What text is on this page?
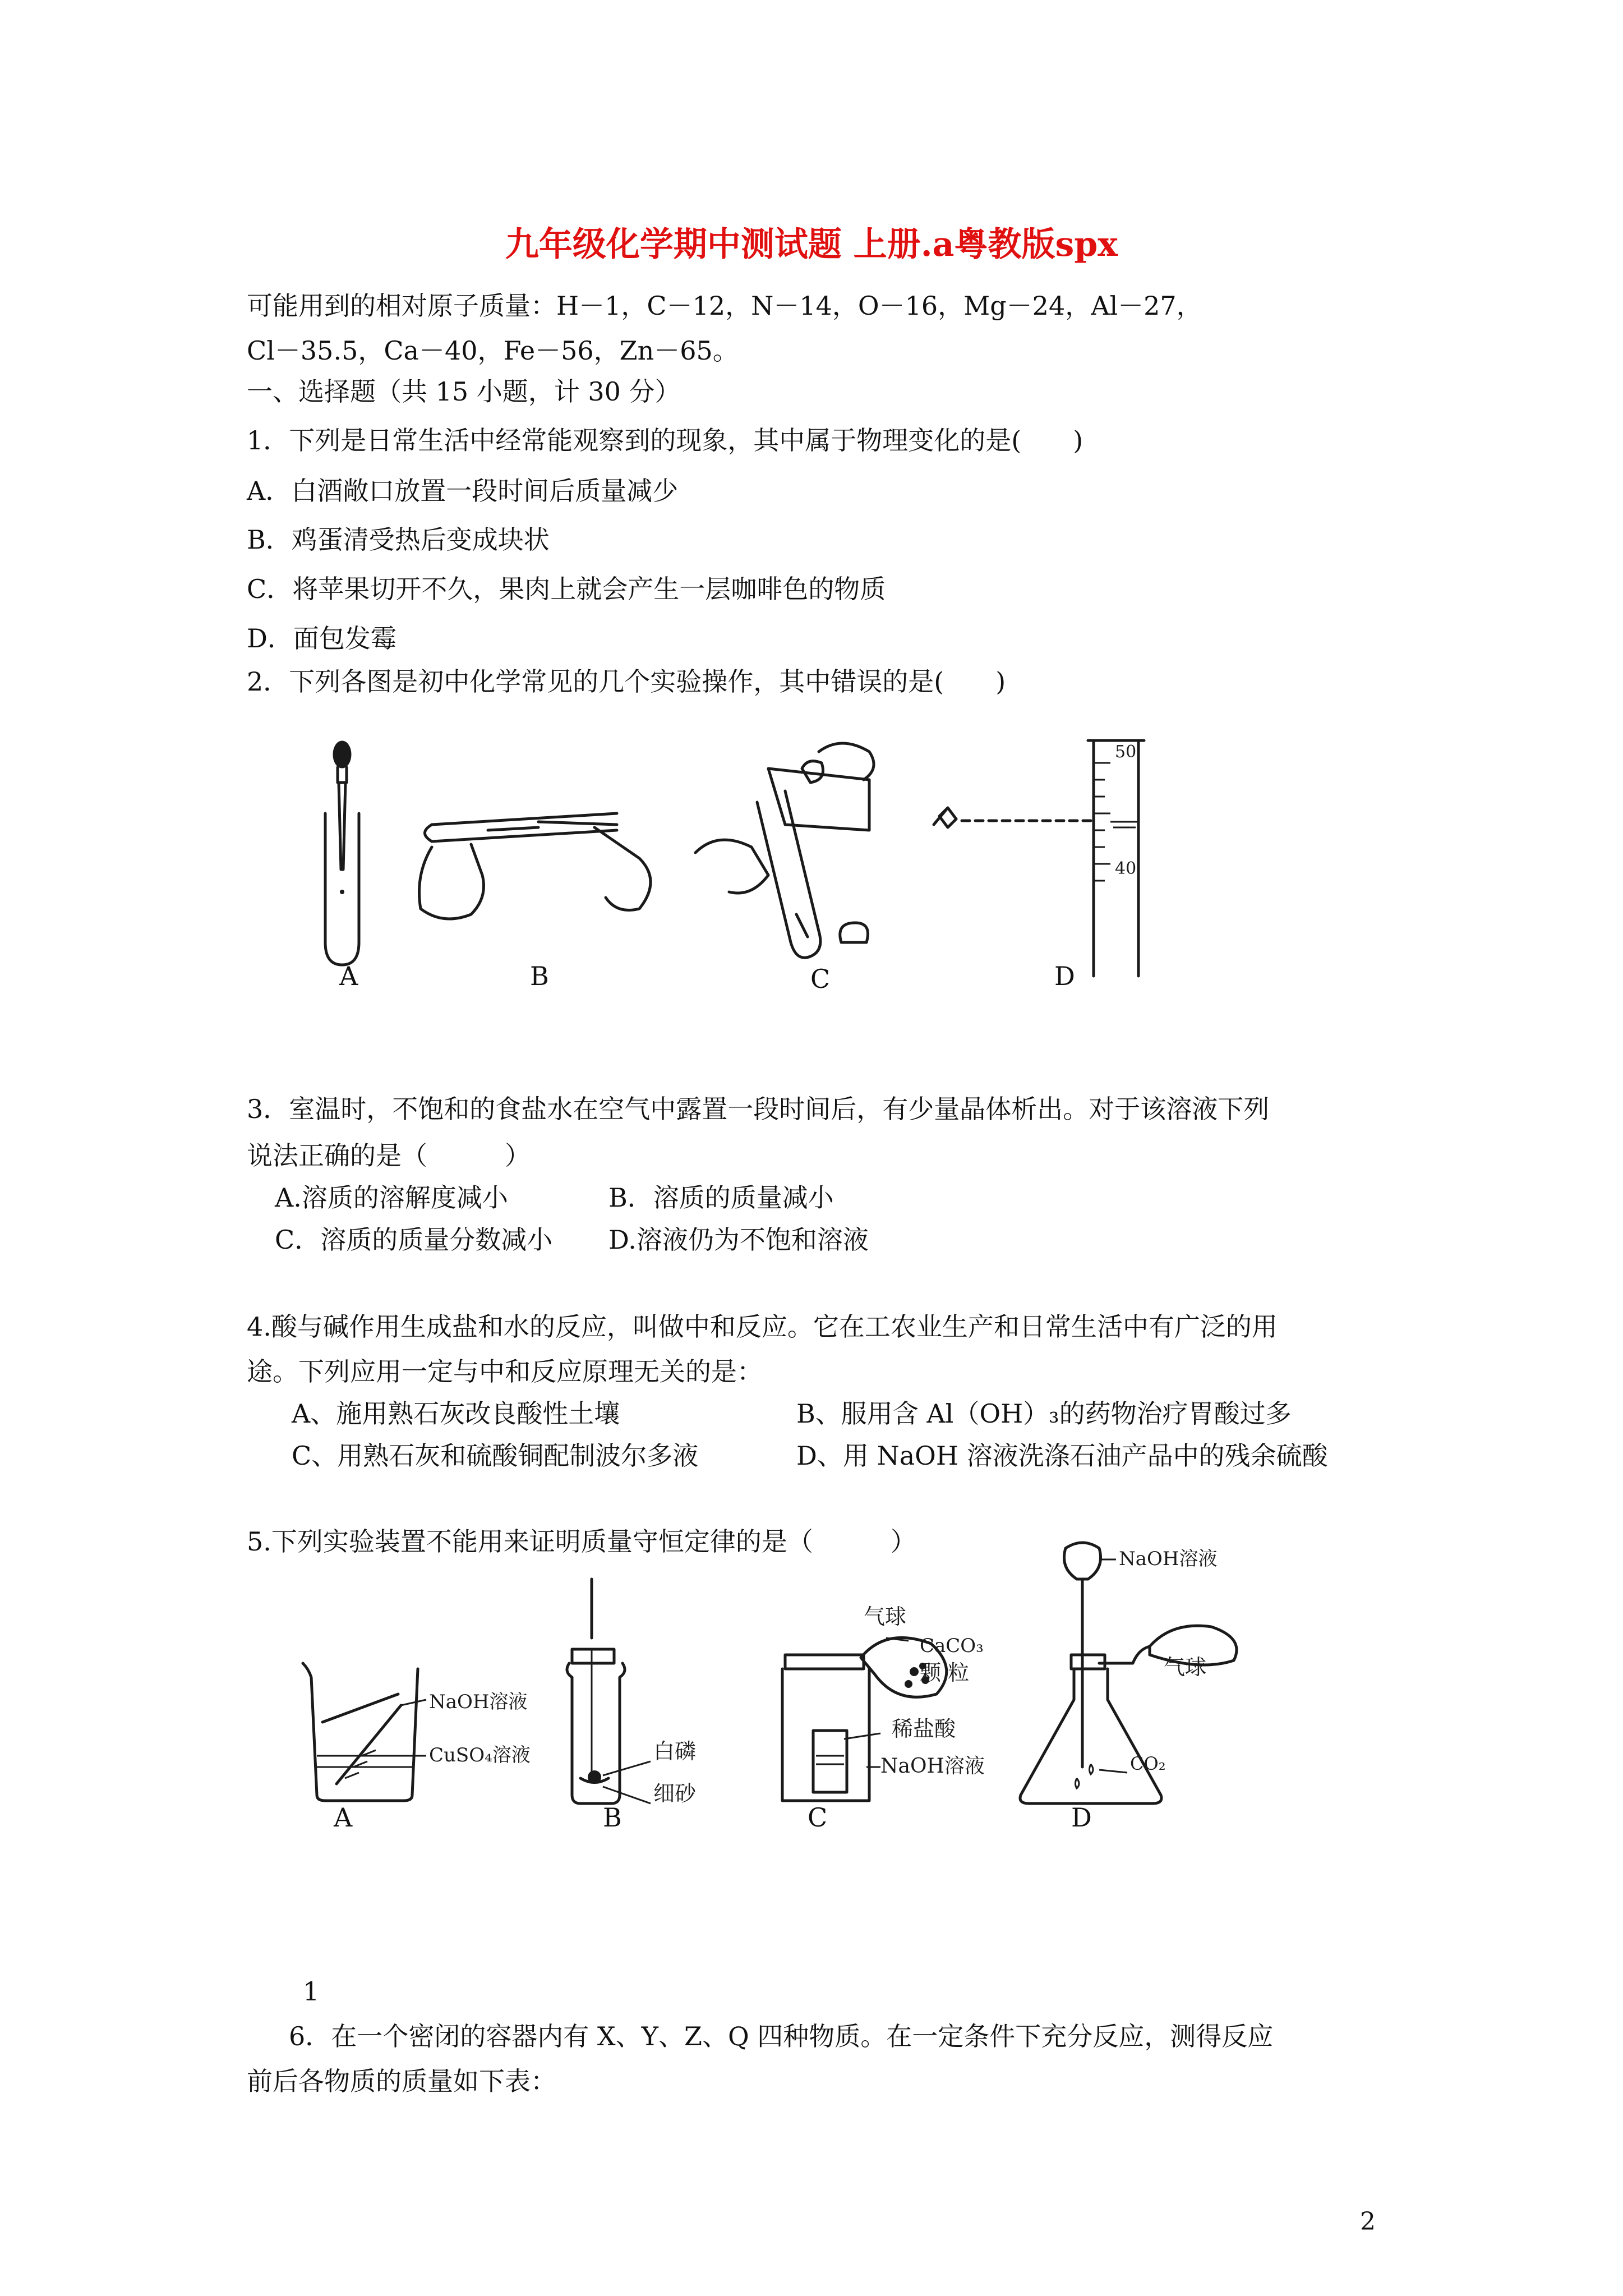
九年级化学期中测试题 上册.a粤教版spx
可能用到的相对原子质量：H－1，C－12，N－14，O－16，Mg－24，Al－27，
Cl－35.5，Ca－40，Fe－56，Zn－65。
一、选择题（共 15 小题，计 30 分）
1．下列是日常生活中经常能观察到的现象，其中属于物理变化的是(　　)
A．白酒敞口放置一段时间后质量减少
B．鸡蛋清受热后变成块状
C．将苹果切开不久，果肉上就会产生一层咖啡色的物质
D．面包发霉
2．下列各图是初中化学常见的几个实验操作，其中错误的是(　　)
50
40
A	B	C	D
3．室温时，不饱和的食盐水在空气中露置一段时间后，有少量晶体析出。对于该溶液下列
说法正确的是（　　　）
A.溶质的溶解度减小	B．溶质的质量减小
C．溶质的质量分数减小 D.溶液仍为不饱和溶液
4.酸与碱作用生成盐和水的反应，叫做中和反应。它在工农业生产和日常生活中有广泛的用
途。下列应用一定与中和反应原理无关的是：
A、施用熟石灰改良酸性土壤	B、服用含 Al（OH）₃的药物治疗胃酸过多
C、用熟石灰和硫酸铜配制波尔多液	D、用 NaOH 溶液洗涤石油产品中的残余硫酸
5.下列实验装置不能用来证明质量守恒定律的是（　　　）
NaOH溶液
CuSO₄溶液	白磷
细砂
气球
CaCO₃
颗 粒
稀盐酸
NaOH溶液
NaOH溶液
气球
CO₂
A	B	C	D
1
6．在一个密闭的容器内有 X、Y、Z、Q 四种物质。在一定条件下充分反应，测得反应
前后各物质的质量如下表：
2
